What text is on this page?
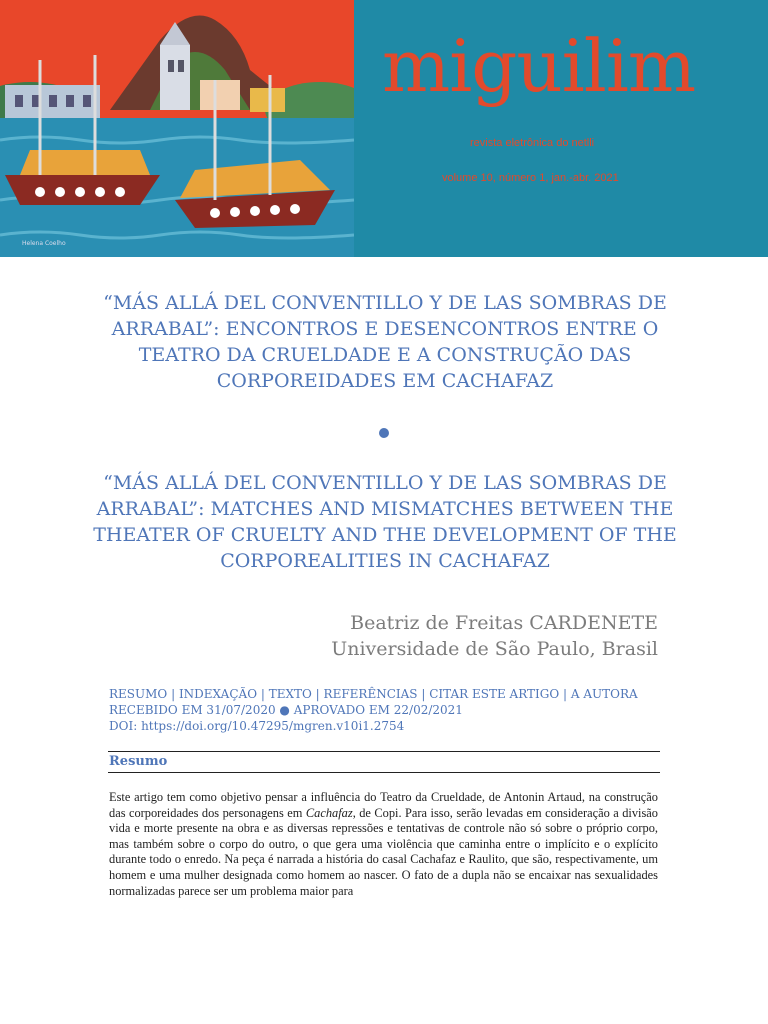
Helena Coelho
miguilim
revista eletrônica do netlli
volume 10, número 1, jan.-abr. 2021
“MÁS ALLÁ DEL CONVENTILLO Y DE LAS SOMBRAS DE ARRABAL”: ENCONTROS E DESENCONTROS ENTRE O TEATRO DA CRUELDADE E A CONSTRUÇÃO DAS CORPOREIDADES EM CACHAFAZ
“MÁS ALLÁ DEL CONVENTILLO Y DE LAS SOMBRAS DE ARRABAL”: MATCHES AND MISMATCHES BETWEEN THE THEATER OF CRUELTY AND THE DEVELOPMENT OF THE CORPOREALITIES IN CACHAFAZ
Beatriz de Freitas CARDENETE
Universidade de São Paulo, Brasil
RESUMO | INDEXAÇÃO | TEXTO | REFERÊNCIAS | CITAR ESTE ARTIGO | A AUTORA
RECEBIDO EM 31/07/2020 ● APROVADO EM 22/02/2021
DOI: https://doi.org/10.47295/mgren.v10i1.2754
Resumo
Este artigo tem como objetivo pensar a influência do Teatro da Crueldade, de Antonin Artaud, na construção das corporeidades dos personagens em Cachafaz, de Copi. Para isso, serão levadas em consideração a divisão vida e morte presente na obra e as diversas repressões e tentativas de controle não só sobre o próprio corpo, mas também sobre o corpo do outro, o que gera uma violência que caminha entre o implícito e o explícito durante todo o enredo. Na peça é narrada a história do casal Cachafaz e Raulito, que são, respectivamente, um homem e uma mulher designada como homem ao nascer. O fato de a dupla não se encaixar nas sexualidades normalizadas parece ser um problema maior para
